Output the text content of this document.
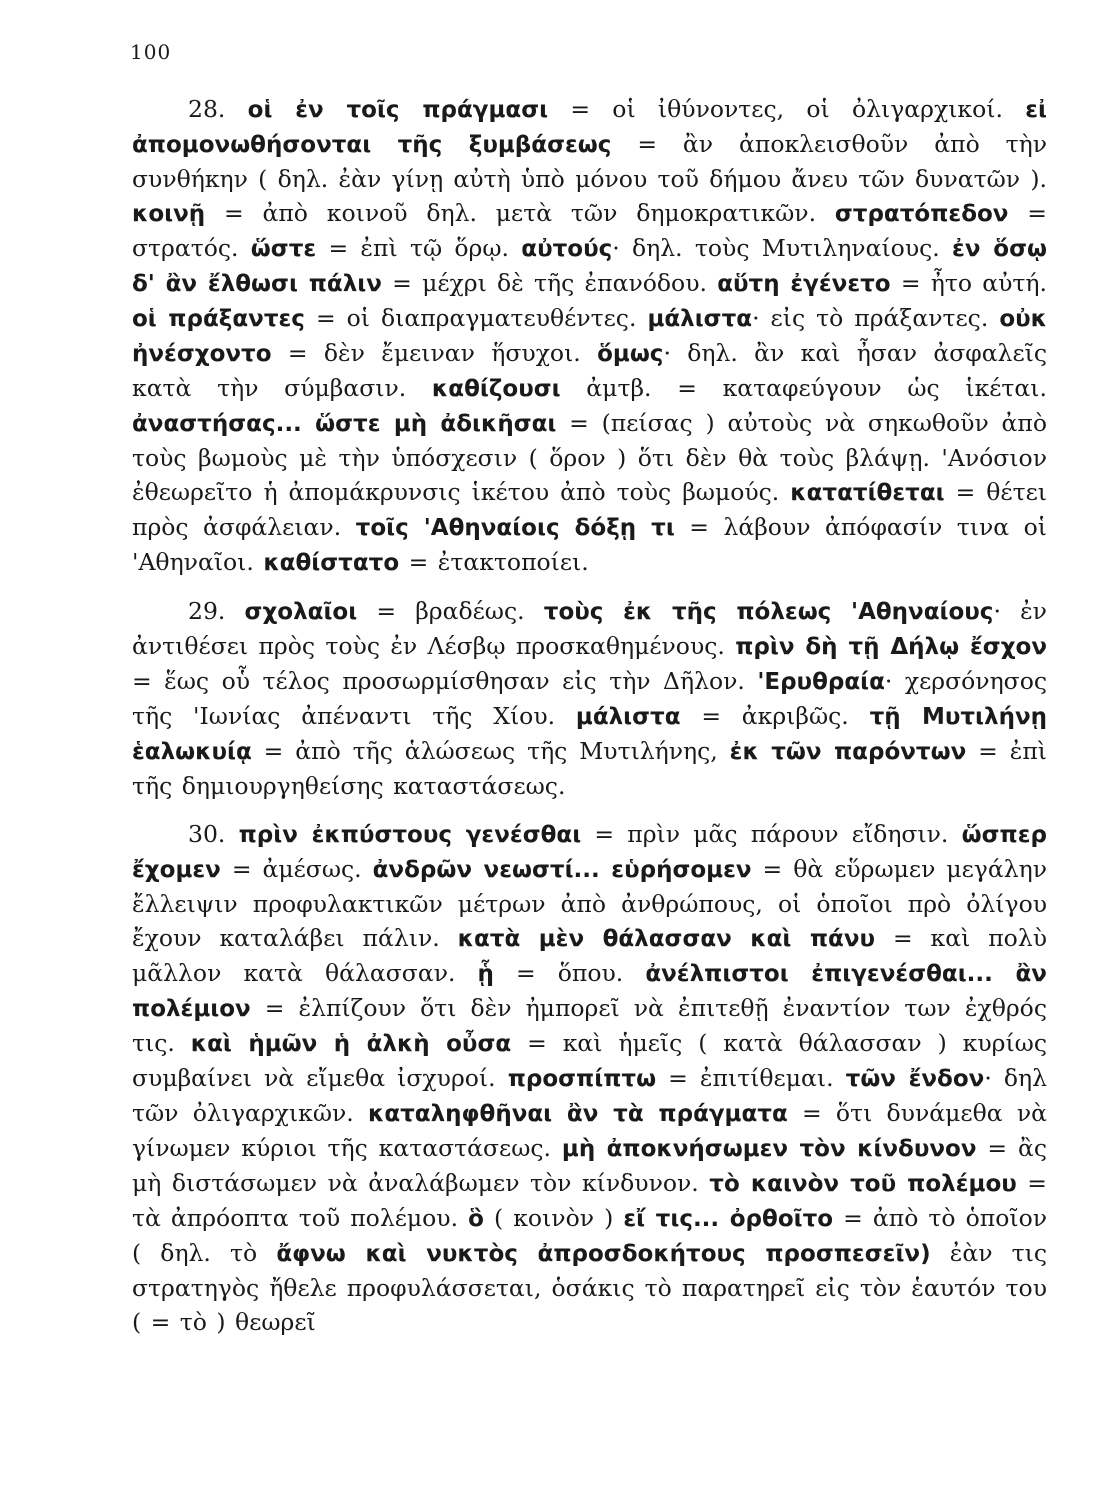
100

28. οἱ ἐν τοῖς πράγμασι = οἱ ἰθύνοντες, οἱ ὀλιγαρχικοί. εἰ ἀπομονωθήσονται τῆς ξυμβάσεως = ἂν ἀποκλεισθοῦν ἀπὸ τὴν συνθήκην ( δηλ. ἐὰν γίνῃ αὐτὴ ὑπὸ μόνου τοῦ δήμου ἄνευ τῶν δυνατῶν ). κοινῇ = ἀπὸ κοινοῦ δηλ. μετὰ τῶν δημοκρατικῶν. στρατόπεδον = στρατός. ὥστε = ἐπὶ τῷ ὅρῳ. αὐτούς· δηλ. τοὺς Μυτιληναίους. ἐν ὅσῳ δ' ἂν ἔλθωσι πάλιν = μέχρι δὲ τῆς ἐπανόδου. αὕτη ἐγένετο = ἦτο αὐτή. οἱ πράξαντες = οἱ διαπραγματευθέντες. μάλιστα· εἰς τὸ πράξαντες. οὐκ ἠνέσχοντο = δὲν ἔμειναν ἥσυχοι. ὅμως· δηλ. ἂν καὶ ἦσαν ἀσφαλεῖς κατὰ τὴν σύμβασιν. καθίζουσι ἀμτβ. = καταφεύγουν ὡς ἱκέται. ἀναστήσας... ὥστε μὴ ἀδικῆσαι = (πείσας ) αὐτοὺς νὰ σηκωθοῦν ἀπὸ τοὺς βωμοὺς μὲ τὴν ὑπόσχεσιν ( ὅρον ) ὅτι δὲν θὰ τοὺς βλάψῃ. 'Ανόσιον ἐθεωρεῖτο ἡ ἀπομάκρυνσις ἱκέτου ἀπὸ τοὺς βωμούς. κατατίθεται = θέτει πρὸς ἀσφάλειαν. τοῖς 'Αθηναίοις δόξῃ τι = λάβουν ἀπόφασίν τινα οἱ 'Αθηναῖοι. καθίστατο = ἐτακτοποίει.

29. σχολαῖοι = βραδέως. τοὺς ἐκ τῆς πόλεως 'Αθηναίους· ἐν ἀντιθέσει πρὸς τοὺς ἐν Λέσβῳ προσκαθημένους. πρὶν δὴ τῇ Δήλῳ ἔσχον = ἕως οὗ τέλος προσωρμίσθησαν εἰς τὴν Δῆλον. 'Ερυθραία· χερσόνησος τῆς 'Ιωνίας ἀπέναντι τῆς Χίου. μάλιστα = ἀκριβῶς. τῇ Μυτιλήνῃ ἑαλωκυίᾳ = ἀπὸ τῆς ἁλώσεως τῆς Μυτιλήνης, ἐκ τῶν παρόντων = ἐπὶ τῆς δημιουργηθείσης καταστάσεως.

30. πρὶν ἐκπύστους γενέσθαι = πρὶν μᾶς πάρουν εἴδησιν. ὥσπερ ἔχομεν = ἀμέσως. ἀνδρῶν νεωστί... εὑρήσομεν = θὰ εὕρωμεν μεγάλην ἔλλειψιν προφυλακτικῶν μέτρων ἀπὸ ἀνθρώπους, οἱ ὁποῖοι πρὸ ὀλίγου ἔχουν καταλάβει πάλιν. κατὰ μὲν θάλασσαν καὶ πάνυ = καὶ πολὺ μᾶλλον κατὰ θάλασσαν. ᾗ = ὅπου. ἀνέλπιστοι ἐπιγενέσθαι... ἂν πολέμιον = ἐλπίζουν ὅτι δὲν ἠμπορεῖ νὰ ἐπιτεθῇ ἐναντίον των ἐχθρός τις. καὶ ἡμῶν ἡ ἀλκὴ οὖσα = καὶ ἡμεῖς ( κατὰ θάλασσαν ) κυρίως συμβαίνει νὰ εἴμεθα ἰσχυροί. προσπίπτω = ἐπιτίθεμαι. τῶν ἔνδον· δηλ τῶν ὀλιγαρχικῶν. καταληφθῆναι ἂν τὰ πράγματα = ὅτι δυνάμεθα νὰ γίνωμεν κύριοι τῆς καταστάσεως. μὴ ἀποκνήσωμεν τὸν κίνδυνον = ἂς μὴ διστάσωμεν νὰ ἀναλάβωμεν τὸν κίνδυνον. τὸ καινὸν τοῦ πολέμου = τὰ ἀπρόοπτα τοῦ πολέμου. ὃ ( κοινὸν ) εἴ τις... ὀρθοῖτο = ἀπὸ τὸ ὁποῖον ( δηλ. τὸ ἄφνω καὶ νυκτὸς ἀπροσδοκήτους προσπεσεῖν) ἐὰν τις στρατηγὸς ἤθελε προφυλάσσεται, ὁσάκις τὸ παρατηρεῖ εἰς τὸν ἑαυτόν του ( = τὸ ) θεωρεῖ
